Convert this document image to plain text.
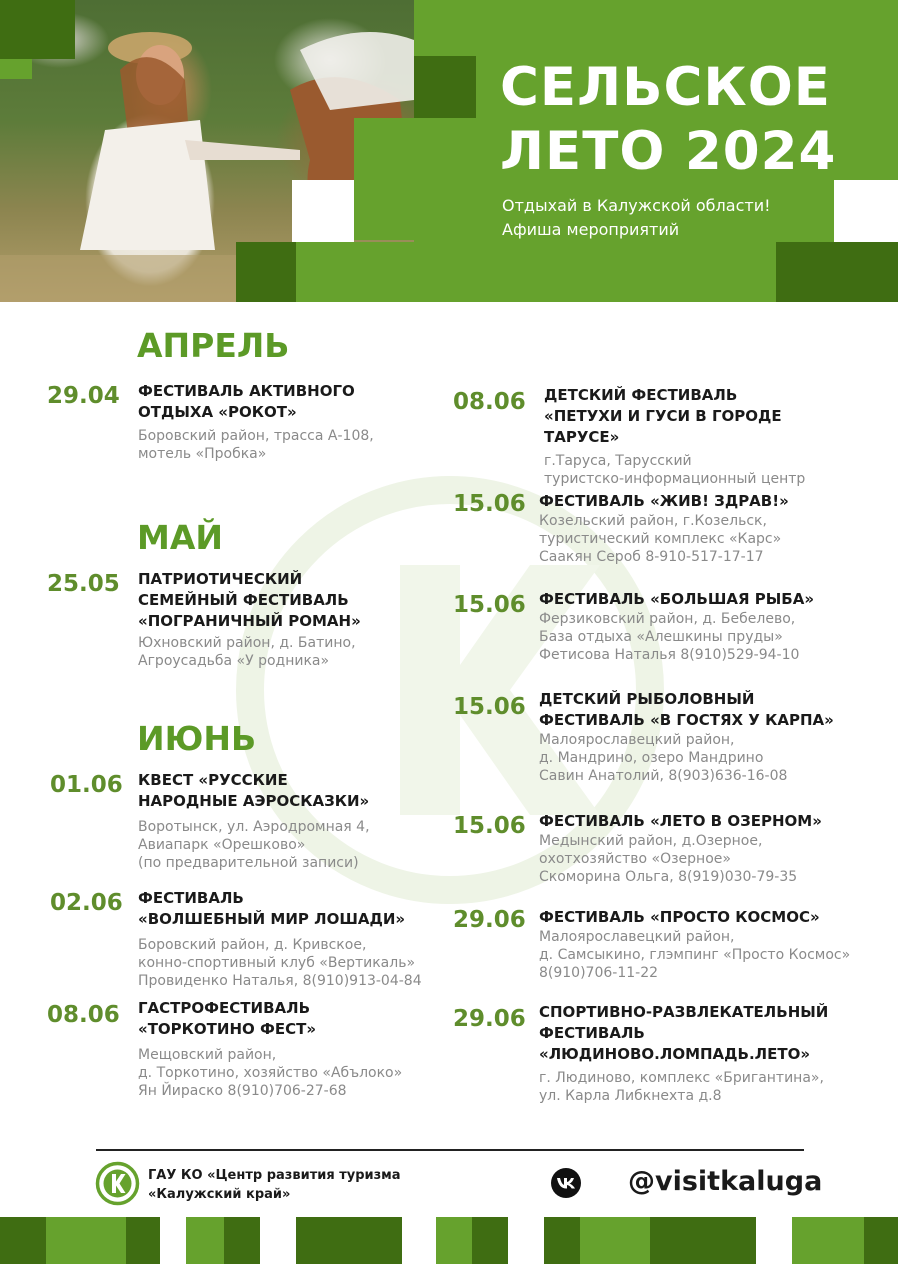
СЕЛЬСКОЕ
ЛЕТО 2024
Отдыхай в Калужской области!
Афиша мероприятий
АПРЕЛЬ
МАЙ
ИЮНЬ
29.04 ФЕСТИВАЛЬ АКТИВНОГО
ОТДЫХА «РОКОТ»
Боровский район, трасса А-108,
мотель «Пробка»
25.05 ПАТРИОТИЧЕСКИЙ
СЕМЕЙНЫЙ ФЕСТИВАЛЬ
«ПОГРАНИЧНЫЙ РОМАН»
Юхновский район, д. Батино,
Агроусадьба «У родника»
01.06 КВЕСТ «РУССКИЕ
НАРОДНЫЕ АЭРОСКАЗКИ»
Воротынск, ул. Аэродромная 4,
Авиапарк «Орешково»
(по предварительной записи)
02.06 ФЕСТИВАЛЬ
«ВОЛШЕБНЫЙ МИР ЛОШАДИ»
Боровский район, д. Кривское,
конно-спортивный клуб «Вертикаль»
Провиденко Наталья, 8(910)913-04-84
08.06 ГАСТРОФЕСТИВАЛЬ
«ТОРКОТИНО ФЕСТ»
Мещовский район,
д. Торкотино, хозяйство «Абълоко»
Ян Йираско 8(910)706-27-68
08.06 ДЕТСКИЙ ФЕСТИВАЛЬ
«ПЕТУХИ И ГУСИ В ГОРОДЕ ТАРУСЕ»
г.Таруса, Тарусский
туристско-информационный центр
15.06 ФЕСТИВАЛЬ «ЖИВ! ЗДРАВ!»
Козельский район, г.Козельск,
туристический комплекс «Карс»
Саакян Сероб 8-910-517-17-17
15.06 ФЕСТИВАЛЬ «БОЛЬШАЯ РЫБА»
Ферзиковский район, д. Бебелево,
База отдыха «Алешкины пруды»
Фетисова Наталья 8(910)529-94-10
15.06 ДЕТСКИЙ РЫБОЛОВНЫЙ
ФЕСТИВАЛЬ «В ГОСТЯХ У КАРПА»
Малоярославецкий район,
д. Мандрино, озеро Мандрино
Савин Анатолий, 8(903)636-16-08
15.06 ФЕСТИВАЛЬ «ЛЕТО В ОЗЕРНОМ»
Медынский район, д.Озерное,
охотхозяйство «Озерное»
Скоморина Ольга, 8(919)030-79-35
29.06 ФЕСТИВАЛЬ «ПРОСТО КОСМОС»
Малоярославецкий район,
д. Самсыкино, глэмпинг «Просто Космос»
8(910)706-11-22
29.06 СПОРТИВНО-РАЗВЛЕКАТЕЛЬНЫЙ
ФЕСТИВАЛЬ
«ЛЮДИНОВО.ЛОМПАДЬ.ЛЕТО»
г. Людиново, комплекс «Бригантина»,
ул. Карла Либкнехта д.8
ГАУ КО «Центр развития туризма
«Калужский край»	@visitkaluga
